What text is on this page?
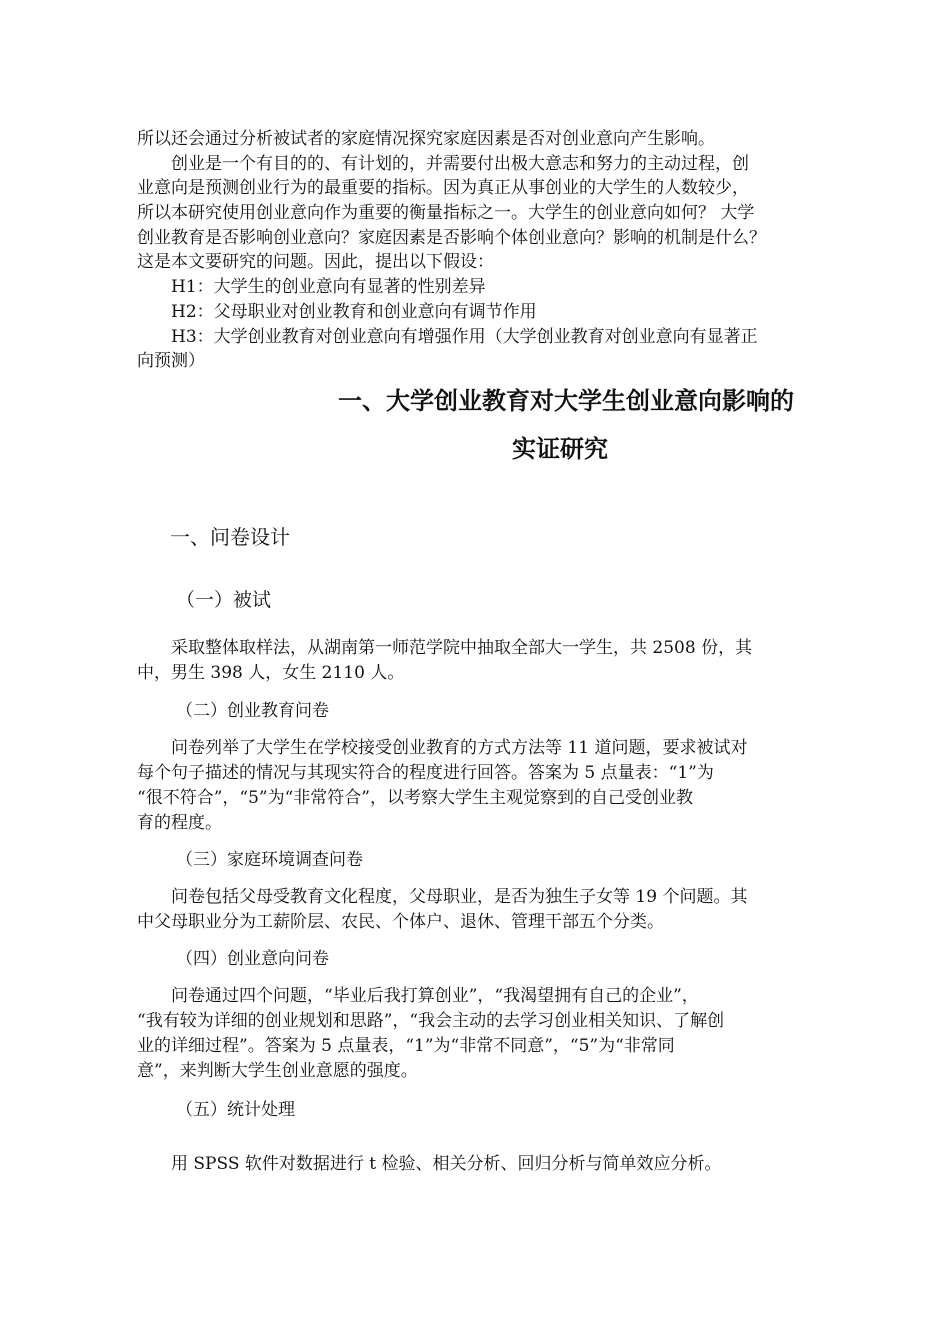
所以还会通过分析被试者的家庭情况探究家庭因素是否对创业意向产生影响。
创业是一个有目的的、有计划的，并需要付出极大意志和努力的主动过程，创
业意向是预测创业行为的最重要的指标。因为真正从事创业的大学生的人数较少，
所以本研究使用创业意向作为重要的衡量指标之一。大学生的创业意向如何？ 大学
创业教育是否影响创业意向？家庭因素是否影响个体创业意向？影响的机制是什么？
这是本文要研究的问题。因此，提出以下假设：
H1：大学生的创业意向有显著的性别差异
H2：父母职业对创业教育和创业意向有调节作用
H3：大学创业教育对创业意向有增强作用（大学创业教育对创业意向有显著正
向预测）
一、大学创业教育对大学生创业意向影响的
实证研究
一、问卷设计
（一）被试
采取整体取样法，从湖南第一师范学院中抽取全部大一学生，共 2508 份，其
中，男生 398 人，女生 2110 人。
（二）创业教育问卷
问卷列举了大学生在学校接受创业教育的方式方法等 11 道问题，要求被试对
每个句子描述的情况与其现实符合的程度进行回答。答案为 5 点量表：“1”为
“很不符合”，“5”为“非常符合”，以考察大学生主观觉察到的自己受创业教
育的程度。
（三）家庭环境调查问卷
问卷包括父母受教育文化程度，父母职业，是否为独生子女等 19 个问题。其
中父母职业分为工薪阶层、农民、个体户、退休、管理干部五个分类。
（四）创业意向问卷
问卷通过四个问题，“毕业后我打算创业”，“我渴望拥有自己的企业”，
“我有较为详细的创业规划和思路”，“我会主动的去学习创业相关知识、了解创
业的详细过程”。答案为 5 点量表，“1”为“非常不同意”，“5”为“非常同
意”，来判断大学生创业意愿的强度。
（五）统计处理
用 SPSS 软件对数据进行 t 检验、相关分析、回归分析与简单效应分析。
